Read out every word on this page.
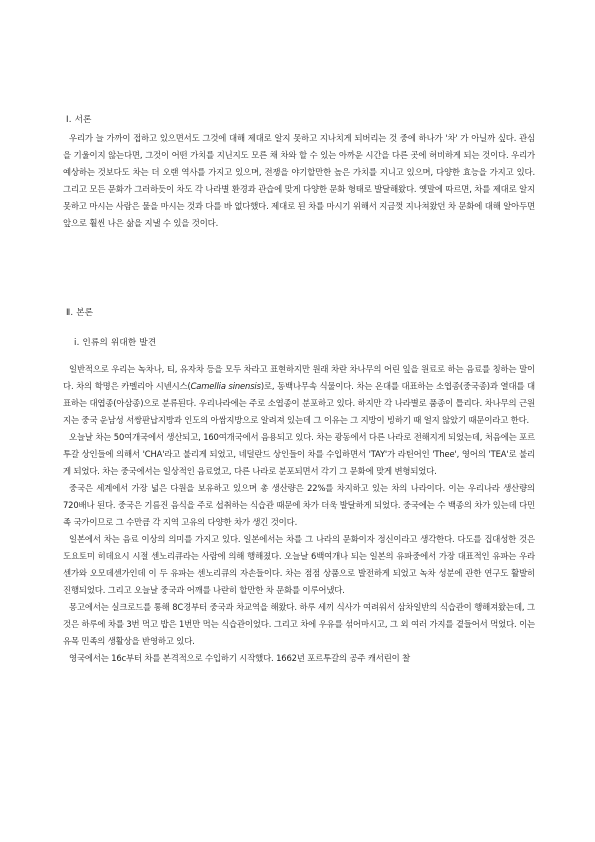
Ⅰ. 서론

우리가 늘 가까이 접하고 있으면서도 그것에 대해 제대로 알지 못하고 지나치게 되버리는 것 중에 하나가 '차' 가 아닐까 싶다. 관심을 기울이지 않는다면, 그것이 어떤 가치를 지닌지도 모른 채 차와 할 수 있는 아까운 시간을 다른 곳에 허비하게 되는 것이다. 우리가 예상하는 것보다도 차는 더 오랜 역사를 가지고 있으며, 전쟁을 야기할만한 높은 가치를 지니고 있으며, 다양한 효능을 가지고 있다. 그리고 모든 문화가 그러하듯이 차도 각 나라별 환경과 관습에 맞게 다양한 문화 형태로 발달해왔다. 옛말에 따르면, 차를 제대로 알지 못하고 마시는 사람은 물을 마시는 것과 다를 바 없다했다. 제대로 된 차를 마시기 위해서 지금껏 지나쳐왔던 차 문화에 대해 알아두면 앞으로 훨씬 나은 삶을 지낼 수 있을 것이다.

Ⅱ. 본론
ⅰ. 인류의 위대한 발견

일반적으로 우리는 녹차나, 티, 유자차 등을 모두 차라고 표현하지만 원래 차란 차나무의 어린 잎을 원료로 하는 음료를 칭하는 말이다. 차의 학명은 카멜리아 시넨시스(Camellia sinensis)로, 동백나무속 식물이다. 차는 온대를 대표하는 소엽종(중국종)과 열대를 대표하는 대엽종(아삼종)으로 분류된다. 우리나라에는 주로 소엽종이 분포하고 있다. 하지만 각 나라별로 품종이 틀리다. 차나무의 근원지는 중국 운남성 서쌍판납지방과 인도의 아쌈지방으로 알려져 있는데 그 이유는 그 지방이 빙하기 때 얼지 않았기 때문이라고 한다.

오늘날 차는 50여개국에서 생산되고, 160여개국에서 음용되고 있다. 차는 광동에서 다른 나라로 전해지게 되었는데, 처음에는 포르투갈 상인들에 의해서 'CHA'라고 불리게 되었고, 네덜란드 상인들이 차를 수입하면서 'TAY'가 라틴어인 'Thee', 영어의 'TEA'로 불리게 되었다. 차는 중국에서는 일상적인 음료였고, 다른 나라로 분포되면서 각기 그 문화에 맞게 변형되었다.

중국은 세계에서 가장 넓은 다원을 보유하고 있으며 총 생산량은 22%를 차지하고 있는 차의 나라이다. 이는 우리나라 생산량의 720배나 된다. 중국은 기름진 음식을 주로 섭취하는 식습관 때문에 차가 더욱 발달하게 되었다. 중국에는 수 백종의 차가 있는데 다민족 국가이므로 그 수만큼 각 지역 고유의 다양한 차가 생긴 것이다.

일본에서 차는 음료 이상의 의미를 가지고 있다. 일본에서는 차를 그 나라의 문화이자 정신이라고 생각한다. 다도를 집대성한 것은 도요토미 히데요시 시절 센노리큐라는 사람에 의해 행해졌다. 오늘날 6백여개나 되는 일본의 유파중에서 가장 대표적인 유파는 우라센가와 오모데센가인데 이 두 유파는 센노리큐의 자손들이다. 차는 점점 상품으로 발전하게 되었고 녹차 성분에 관한 연구도 활발히 진행되었다. 그리고 오늘날 중국과 어깨를 나란히 할만한 차 문화를 이루어냈다.

몽고에서는 실크로드를 통해 8C경부터 중국과 차교역을 해왔다. 하루 세끼 식사가 여려워서 삼차일반의 식습관이 행해져왔는데, 그것은 하루에 차를 3번 먹고 밥은 1번만 먹는 식습관이었다. 그리고 차에 우유를 섞어마시고, 그 외 여러 가지를 곁들어서 먹었다. 이는 유목 민족의 생활상을 반영하고 있다.

영국에서는 16c부터 차를 본격적으로 수입하기 시작했다. 1662년 포르투갈의 공주 캐서린이 찰
